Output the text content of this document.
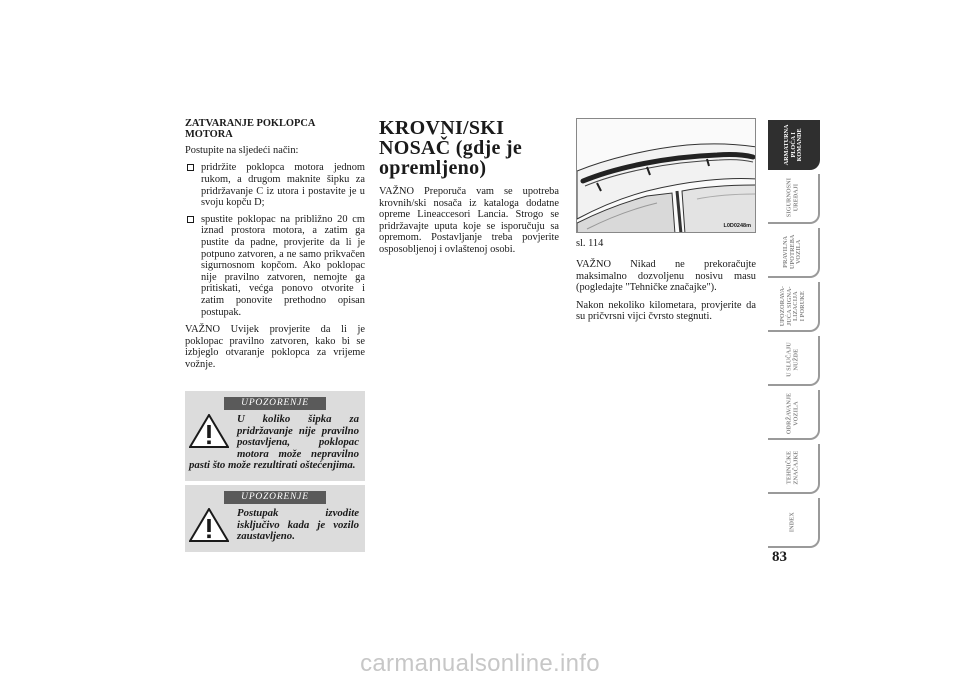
ZATVARANJE POKLOPCA MOTORA
Postupite na sljedeći način:
pridržite poklopca motora jednom rukom, a drugom maknite šipku za pridržavanje C iz utora i postavite je u svoju kopču D;
spustite poklopac na približno 20 cm iznad prostora motora, a zatim ga pustite da padne, provjerite da li je potpuno zatvoren, a ne samo prikvačen sigurnosnom kopčom. Ako poklopac nije pravilno zatvoren, nemojte ga pritiskati, većga ponovo otvorite i zatim ponovite prethodno opisan postupak.
VAŽNO Uvijek provjerite da li je poklopac pravilno zatvoren, kako bi se izbjeglo otvaranje poklopca za vrijeme vožnje.
UPOZORENJE
U koliko šipka za pridržavanje nije pravilno postavljena, poklopac motora može nepravilno pasti što može rezultirati oštećenjima.
UPOZORENJE
Postupak izvodite isključivo kada je vozilo zaustavljeno.
KROVNI/SKI NOSAČ (gdje je opremljeno)
VAŽNO Preporuča vam se upotreba krovnih/ski nosača iz kataloga dodatne opreme Lineaccesori Lancia. Strogo se pridržavajte uputa koje se isporučuju sa opremom. Postavljanje treba povjerite osposobljenoj i ovlaštenoj osobi.
L0D0248m
sl. 114
VAŽNO Nikad ne prekoračujte maksimalno dozvoljenu nosivu masu (pogledajte "Tehničke značajke").
Nakon nekoliko kilometara, provjerite da su pričvrsni vijci čvrsto stegnuti.
ARMATURNA
PLOČA I
KOMANDE
SIGURNOSNI
UREĐAJI
PRAVILNA
UPOTREBA
VOZILA
UPOZORAVA-
JUĆA SIGNA-
LIZACIJA
I PORUKE
U SLUČAJU
NUŽDE
ODRŽAVANJE
VOZILA
TEHNIČKE
ZNAČAJKE
INDEX
83
carmanualsonline.info
